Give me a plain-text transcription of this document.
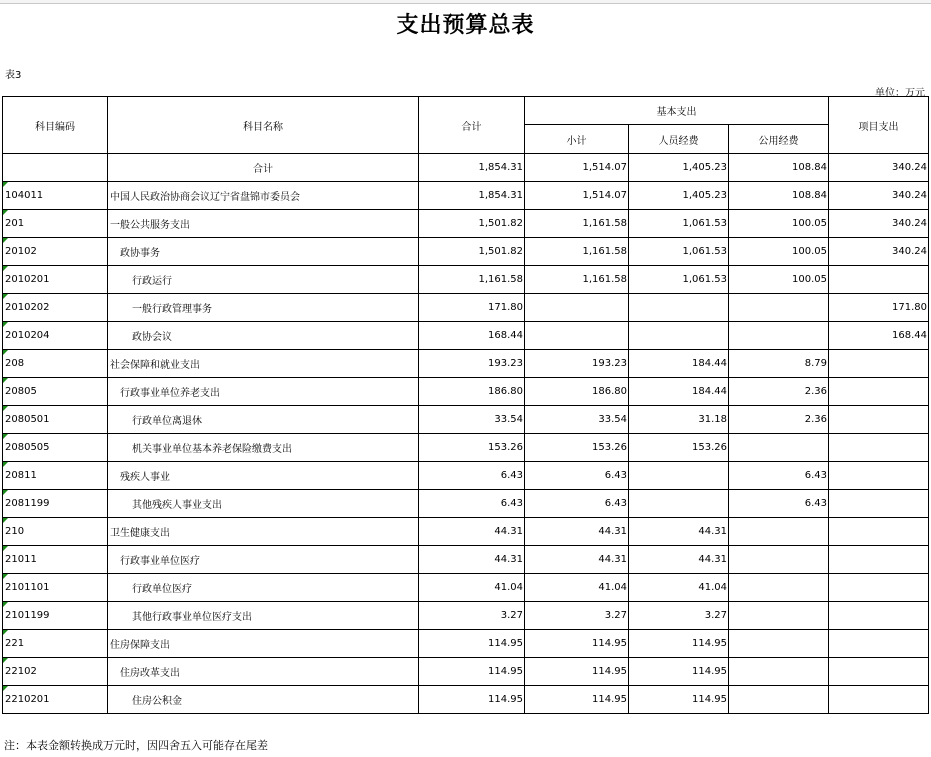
支出预算总表
表3
单位：万元
科目编码	科目名称	合计	基本支出			项目支出
			小计	人员经费	公用经费	
	合计	1,854.31	1,514.07	1,405.23	108.84	340.24

104011	中国人民政治协商会议辽宁省盘锦市委员会	1,854.31	1,514.07	1,405.23	108.84	340.24

201	一般公共服务支出	1,501.82	1,161.58	1,061.53	100.05	340.24

20102	政协事务	1,501.82	1,161.58	1,061.53	100.05	340.24

2010201	行政运行	1,161.58	1,161.58	1,061.53	100.05	

2010202	一般行政管理事务	171.80				171.80

2010204	政协会议	168.44				168.44

208	社会保障和就业支出	193.23	193.23	184.44	8.79	

20805	行政事业单位养老支出	186.80	186.80	184.44	2.36	

2080501	行政单位离退休	33.54	33.54	31.18	2.36	

2080505	机关事业单位基本养老保险缴费支出	153.26	153.26	153.26		

20811	残疾人事业	6.43	6.43		6.43	

2081199	其他残疾人事业支出	6.43	6.43		6.43	

210	卫生健康支出	44.31	44.31	44.31		

21011	行政事业单位医疗	44.31	44.31	44.31		

2101101	行政单位医疗	41.04	41.04	41.04		

2101199	其他行政事业单位医疗支出	3.27	3.27	3.27		

221	住房保障支出	114.95	114.95	114.95		

22102	住房改革支出	114.95	114.95	114.95		

2210201	住房公积金	114.95	114.95	114.95		
注：本表金额转换成万元时，因四舍五入可能存在尾差
